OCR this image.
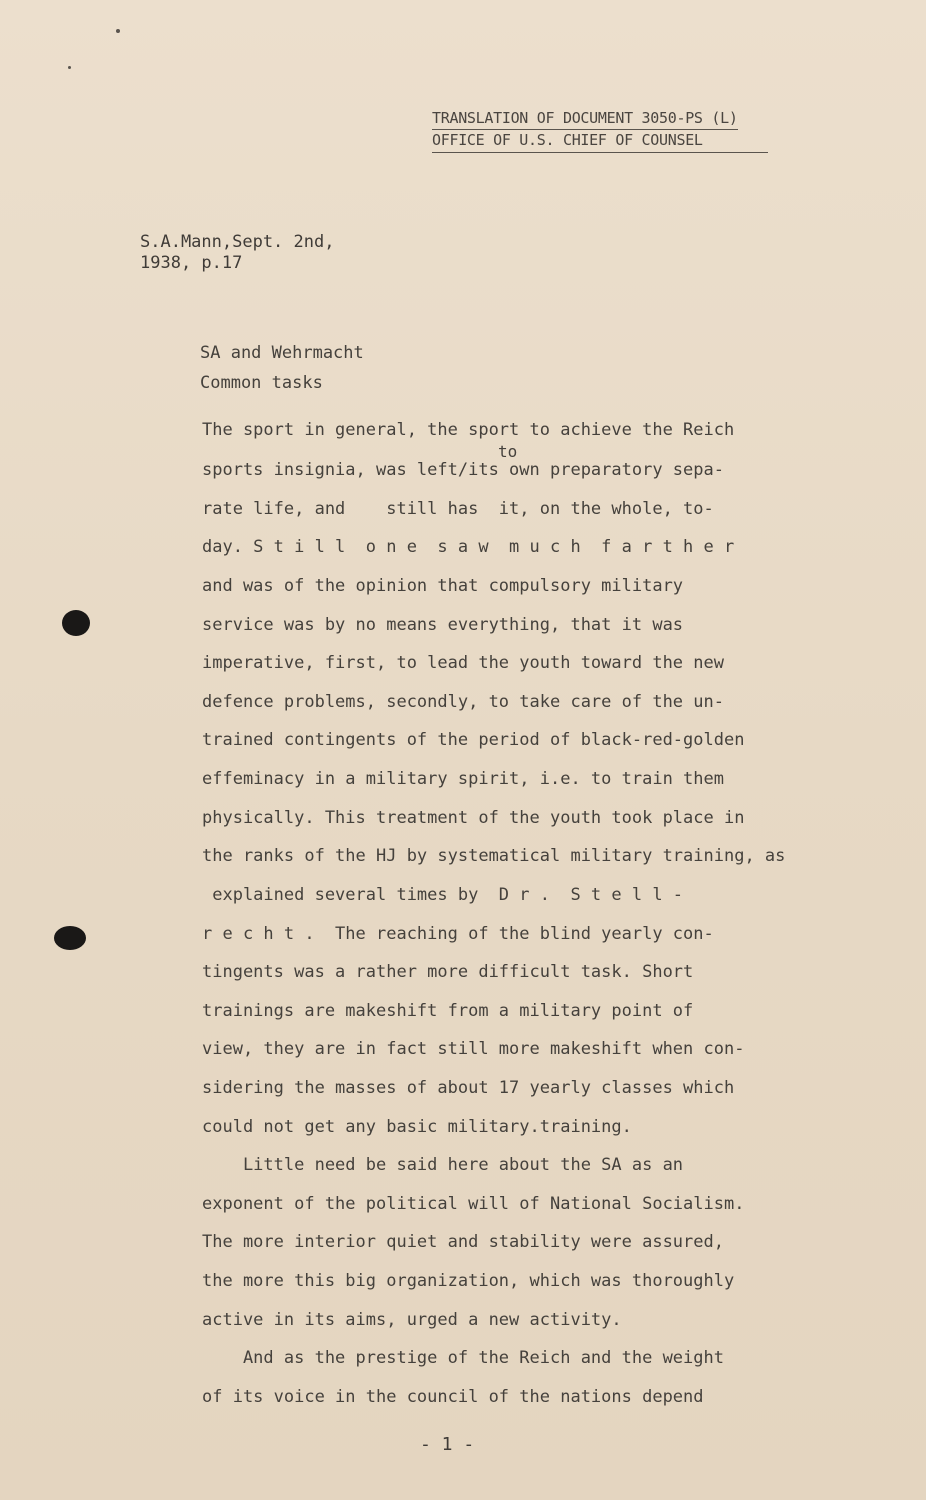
TRANSLATION OF DOCUMENT 3050-PS (L)
OFFICE OF U.S. CHIEF OF COUNSEL
S.A.Mann,Sept. 2nd,
1938, p.17
SA and Wehrmacht
Common tasks
to
The sport in general, the sport to achieve the Reich
sports insignia, was left/its own preparatory sepa-
rate life, and    still has  it, on the whole, to-
day. S t i l l  o n e  s a w  m u c h  f a r t h e r
and was of the opinion that compulsory military
service was by no means everything, that it was
imperative, first, to lead the youth toward the new
defence problems, secondly, to take care of the un-
trained contingents of the period of black-red-golden
effeminacy in a military spirit, i.e. to train them
physically. This treatment of the youth took place in
the ranks of the HJ by systematical military training, as
explained several times by  D r .  S t e l l -
r e c h t .  The reaching of the blind yearly con-
tingents was a rather more difficult task. Short
trainings are makeshift from a military point of
view, they are in fact still more makeshift when con-
sidering the masses of about 17 yearly classes which
could not get any basic military.training.
Little need be said here about the SA as an
exponent of the political will of National Socialism.
The more interior quiet and stability were assured,
the more this big organization, which was thoroughly
active in its aims, urged a new activity.
And as the prestige of the Reich and the weight
of its voice in the council of the nations depend
- 1 -
